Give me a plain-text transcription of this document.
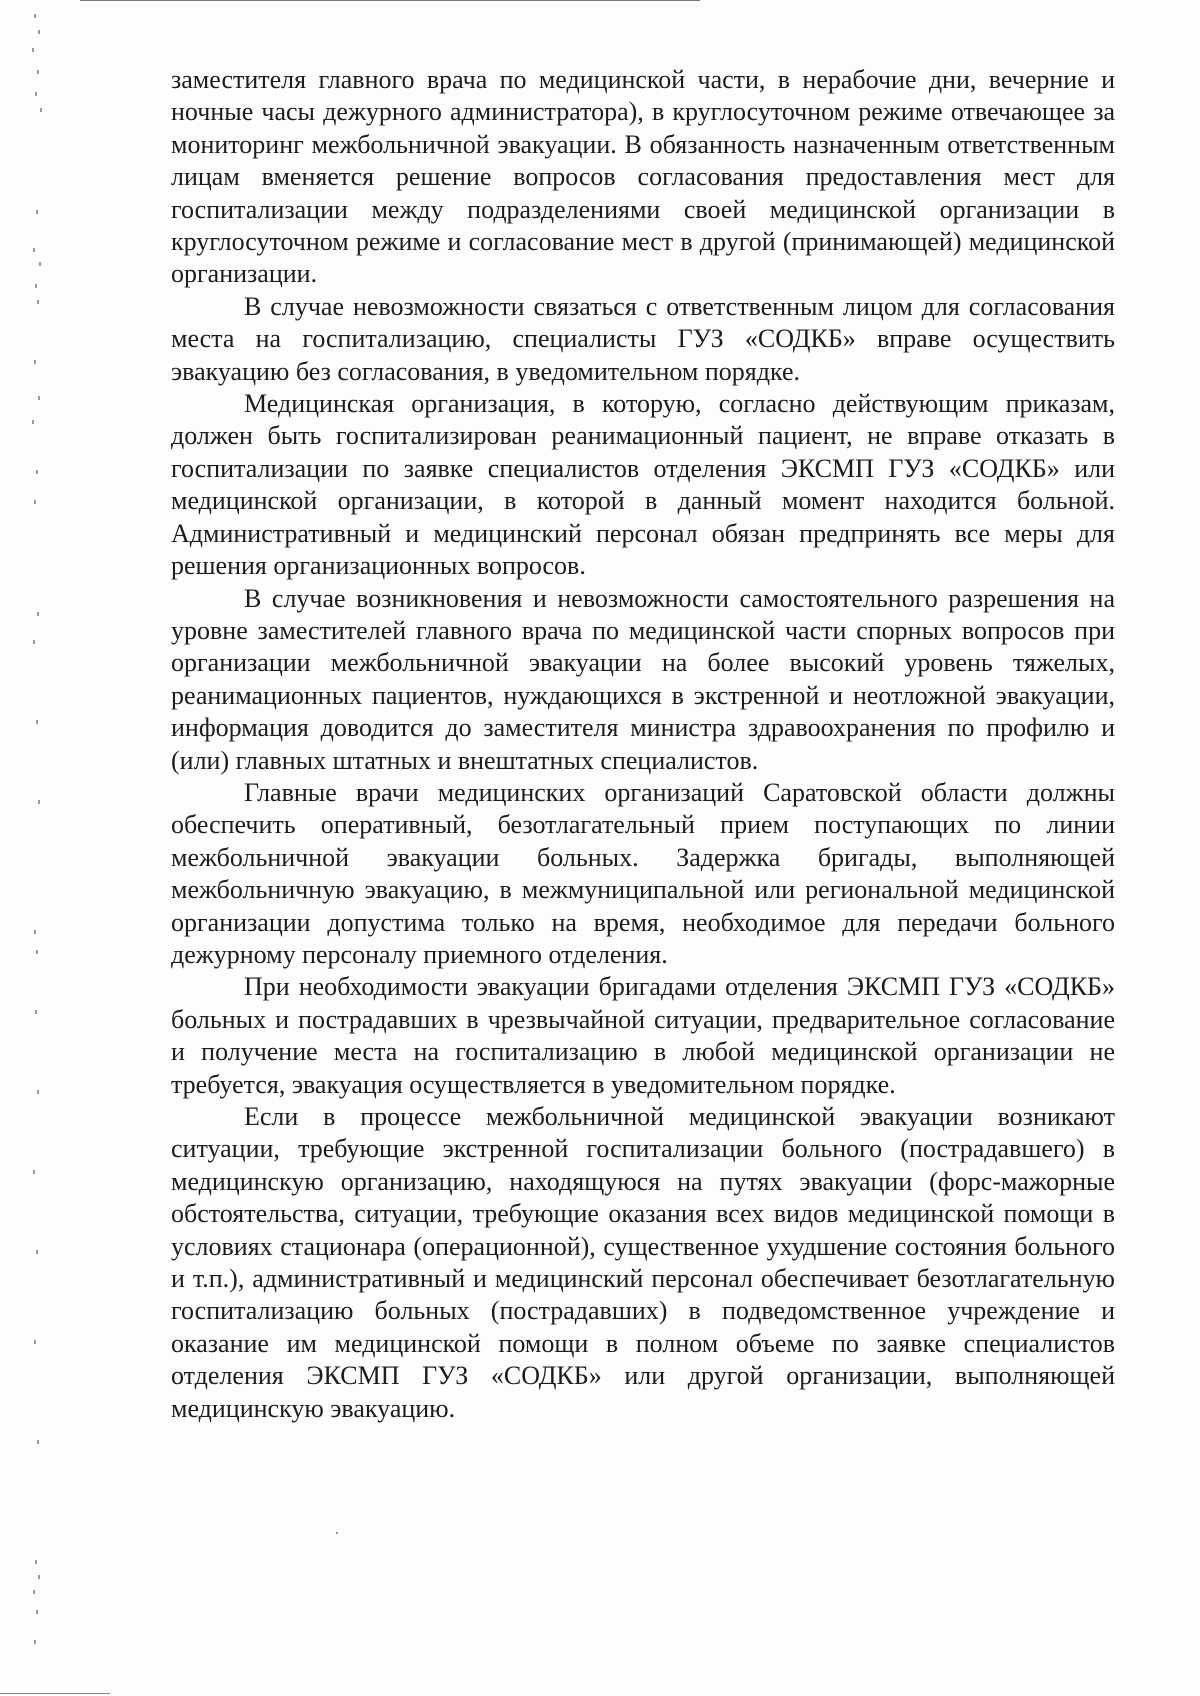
заместителя главного врача по медицинской части, в нерабочие дни, вечерние и ночные часы дежурного администратора), в круглосуточном режиме отвечающее за мониторинг межбольничной эвакуации. В обязанность назначенным ответственным лицам вменяется решение вопросов согласования предоставления мест для госпитализации между подразделениями своей медицинской организации в круглосуточном режиме и согласование мест в другой (принимающей) медицинской организации.

В случае невозможности связаться с ответственным лицом для согласования места на госпитализацию, специалисты ГУЗ «СОДКБ» вправе осуществить эвакуацию без согласования, в уведомительном порядке.

Медицинская организация, в которую, согласно действующим приказам, должен быть госпитализирован реанимационный пациент, не вправе отказать в госпитализации по заявке специалистов отделения ЭКСМП ГУЗ «СОДКБ» или медицинской организации, в которой в данный момент находится больной. Административный и медицинский персонал обязан предпринять все меры для решения организационных вопросов.

В случае возникновения и невозможности самостоятельного разрешения на уровне заместителей главного врача по медицинской части спорных вопросов при организации межбольничной эвакуации на более высокий уровень тяжелых, реанимационных пациентов, нуждающихся в экстренной и неотложной эвакуации, информация доводится до заместителя министра здравоохранения по профилю и (или) главных штатных и внештатных специалистов.

Главные врачи медицинских организаций Саратовской области должны обеспечить оперативный, безотлагательный прием поступающих по линии межбольничной эвакуации больных. Задержка бригады, выполняющей межбольничную эвакуацию, в межмуниципальной или региональной медицинской организации допустима только на время, необходимое для передачи больного дежурному персоналу приемного отделения.

При необходимости эвакуации бригадами отделения ЭКСМП ГУЗ «СОДКБ» больных и пострадавших в чрезвычайной ситуации, предварительное согласование и получение места на госпитализацию в любой медицинской организации не требуется, эвакуация осуществляется в уведомительном порядке.

Если в процессе межбольничной медицинской эвакуации возникают ситуации, требующие экстренной госпитализации больного (пострадавшего) в медицинскую организацию, находящуюся на путях эвакуации (форс-мажорные обстоятельства, ситуации, требующие оказания всех видов медицинской помощи в условиях стационара (операционной), существенное ухудшение состояния больного и т.п.), административный и медицинский персонал обеспечивает безотлагательную госпитализацию больных (пострадавших) в подведомственное учреждение и оказание им медицинской помощи в полном объеме по заявке специалистов отделения ЭКСМП ГУЗ «СОДКБ» или другой организации, выполняющей медицинскую эвакуацию.
